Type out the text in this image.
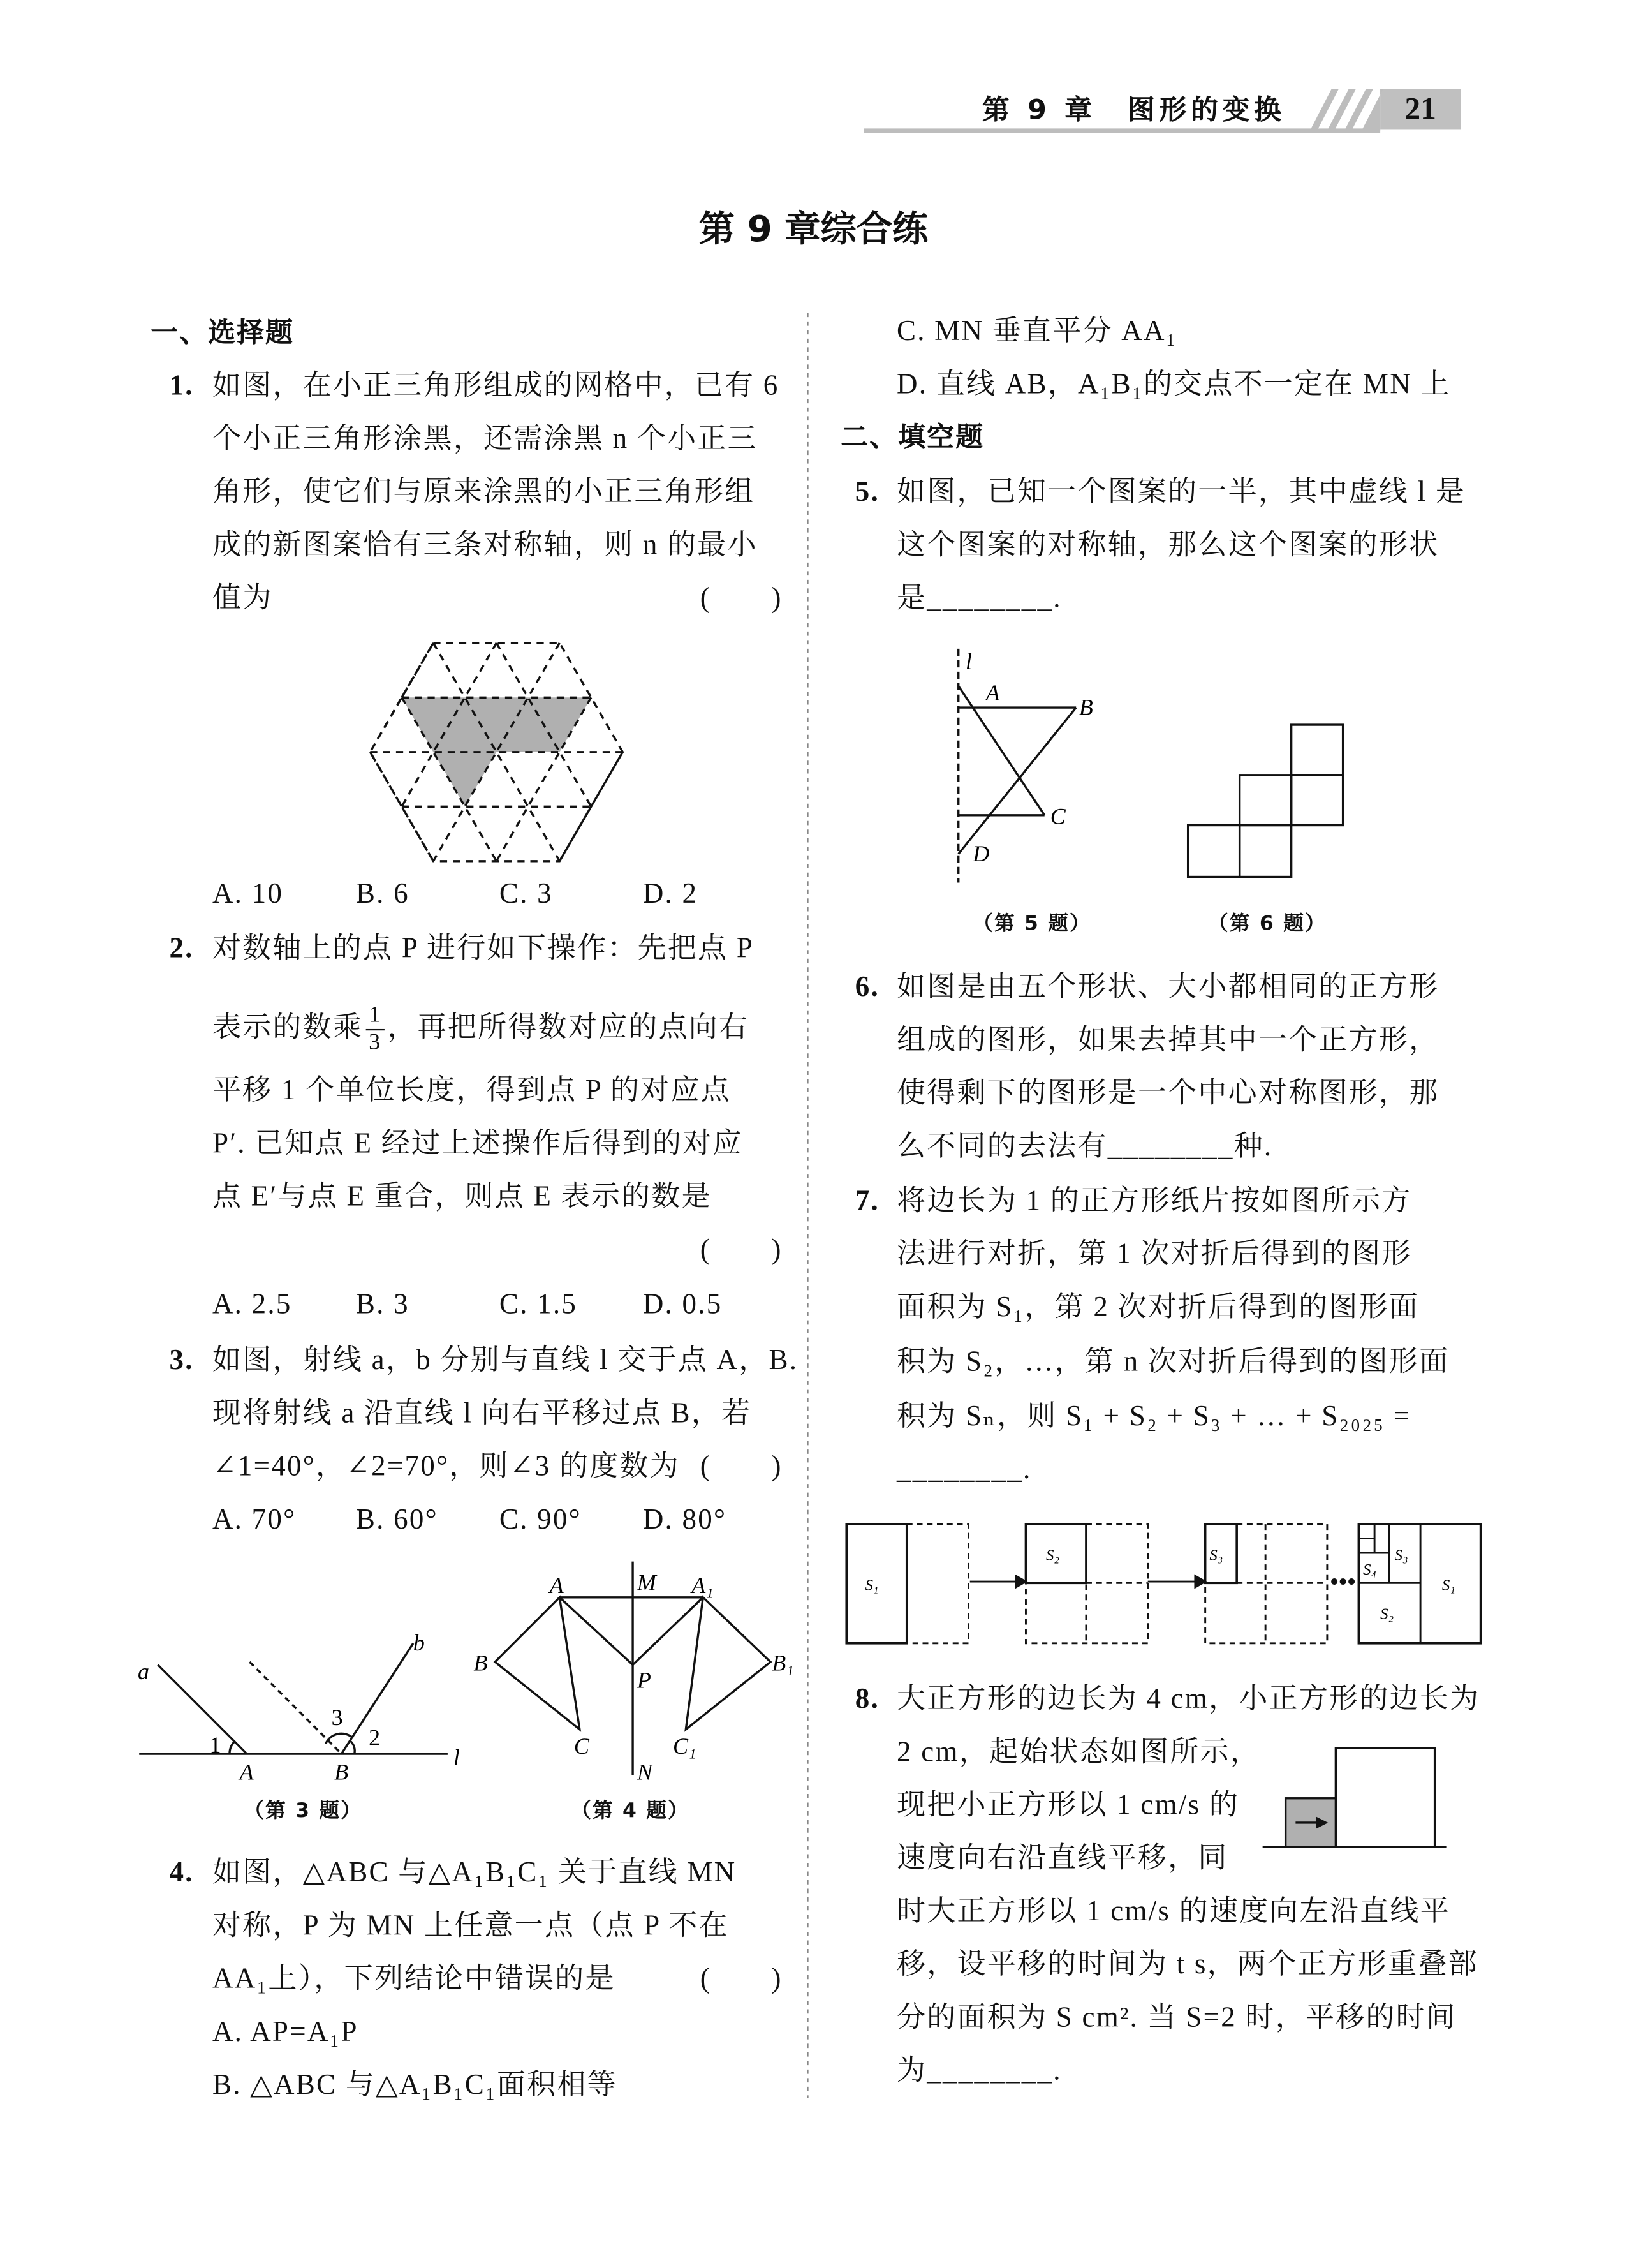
第 9 章　图形的变换	21
第 9 章综合练
a
b
1	2
3
A	B
l
A	M	A₁
B	B₁
P
C	C₁
N
l
A
B
C
D
S₁
S₂	S₃
S₄
S₃
S₁
S₂
一、选择题
1. 如图，在小正三角形组成的网格中，已有 6
个小正三角形涂黑，还需涂黑 n 个小正三
角形，使它们与原来涂黑的小正三角形组
成的新图案恰有三条对称轴，则 n 的最小
值为	(　　)
A. 10	B. 6	C. 3	D. 2
2. 对数轴上的点 P 进行如下操作：先把点 P
表示的数乘 $\frac{1}{3}$ ，再把所得数对应的点向右
平移 1 个单位长度，得到点 P 的对应点
P′. 已知点 E 经过上述操作后得到的对应
点 E′与点 E 重合，则点 E 表示的数是
(　　)
A. 2.5	B. 3	C. 1.5	D. 0.5
3. 如图，射线 a，b 分别与直线 l 交于点 A，B.
现将射线 a 沿直线 l 向右平移过点 B，若
∠1=40°，∠2=70°，则∠3 的度数为 (　　)
A. 70°	B. 60°	C. 90°	D. 80°
（第 3 题）	（第 4 题）
4. 如图，△ABC 与△A₁B₁C₁ 关于直线 MN
对称，P 为 MN 上任意一点（点 P 不在
AA₁上），下列结论中错误的是	(　　)
A. AP=A₁P
B. △ABC 与△A₁B₁C₁面积相等
C. MN 垂直平分 AA₁
D. 直线 AB，A₁B₁的交点不一定在 MN 上
二、填空题
5. 如图，已知一个图案的一半，其中虚线 l 是
这个图案的对称轴，那么这个图案的形状
是________.
（第 5 题）	（第 6 题）
6. 如图是由五个形状、大小都相同的正方形
组成的图形，如果去掉其中一个正方形，
使得剩下的图形是一个中心对称图形，那
么不同的去法有________种.
7. 将边长为 1 的正方形纸片按如图所示方
法进行对折，第 1 次对折后得到的图形
面积为 S₁，第 2 次对折后得到的图形面
积为 S₂，…，第 n 次对折后得到的图形面
积为 Sₙ，则 S₁ + S₂ + S₃ + … + S₂₀₂₅ =
________.
8. 大正方形的边长为 4 cm，小正方形的边长为
2 cm，起始状态如图所示，
现把小正方形以 1 cm/s 的
速度向右沿直线平移，同
时大正方形以 1 cm/s 的速度向左沿直线平
移，设平移的时间为 t s，两个正方形重叠部
分的面积为 S cm². 当 S=2 时，平移的时间
为________.
